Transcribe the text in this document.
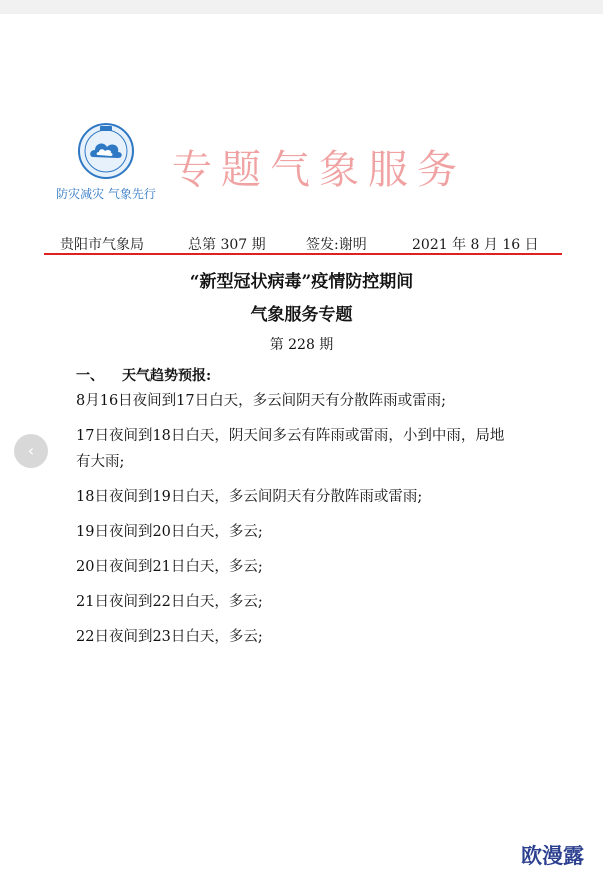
防灾减灾 气象先行
专题气象服务
贵阳市气象局	总第 307 期	签发:谢明	2021 年 8 月 16 日
“新型冠状病毒”疫情防控期间
气象服务专题
第 228 期
一、 天气趋势预报:
8月16日夜间到17日白天，多云间阴天有分散阵雨或雷雨;
17日夜间到18日白天，阴天间多云有阵雨或雷雨，小到中雨，局地有大雨;
18日夜间到19日白天，多云间阴天有分散阵雨或雷雨;
19日夜间到20日白天，多云;
20日夜间到21日白天，多云;
21日夜间到22日白天，多云;
22日夜间到23日白天，多云;
‹
欧漫露
